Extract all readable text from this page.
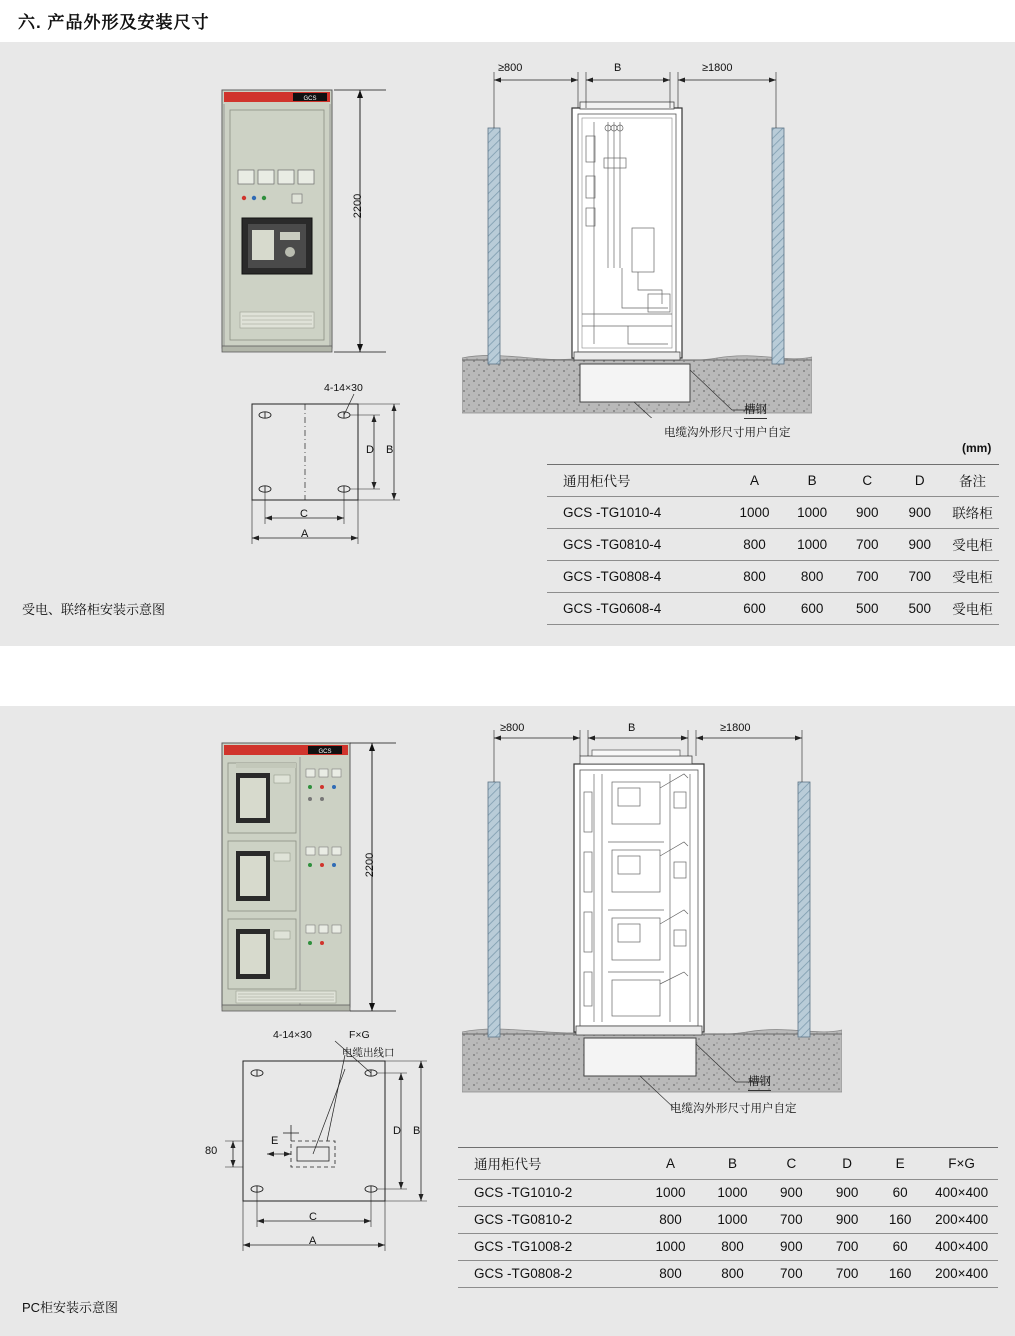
六. 产品外形及安装尺寸
GCS
2200
4-14×30
D B
C
A
≥800	B	≥1800
槽钢
电缆沟外形尺寸用户自定
(mm)
通用柜代号	A	B	C	D	备注
GCS -TG1010-4	1000	1000	900	900	联络柜
GCS -TG0810-4	800	1000	700	900	受电柜
GCS -TG0808-4	800	800	700	700	受电柜
GCS -TG0608-4	600	600	500	500	受电柜
受电、联络柜安装示意图
GCS
2200
4-14×30	F×G
电缆出线口
E
80
D B
C
A
≥800	B	≥1800
槽钢
电缆沟外形尺寸用户自定
通用柜代号	A	B	C	D	E	F×G
GCS -TG1010-2	1000	1000	900	900	60	400×400
GCS -TG0810-2	800	1000	700	900	160	200×400
GCS -TG1008-2	1000	800	900	700	60	400×400
GCS -TG0808-2	800	800	700	700	160	200×400
PC柜安装示意图
